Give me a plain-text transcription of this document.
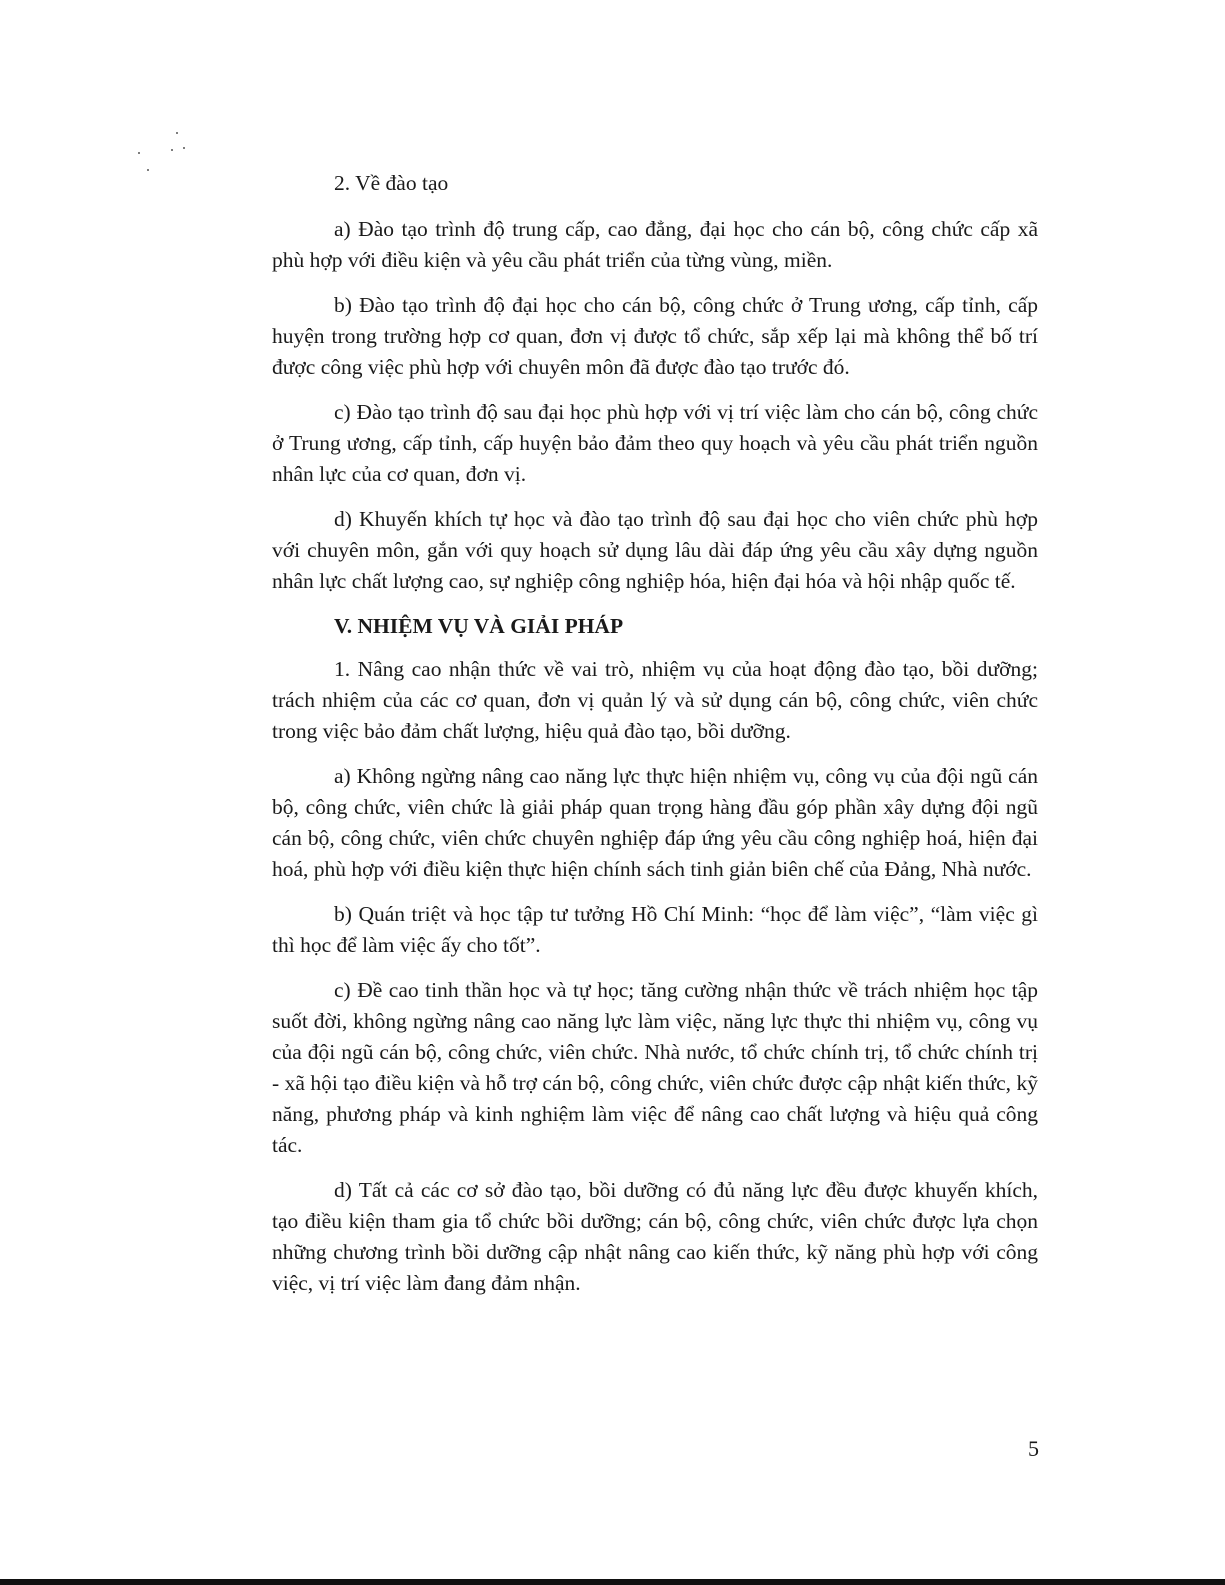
2. Về đào tạo

a) Đào tạo trình độ trung cấp, cao đẳng, đại học cho cán bộ, công chức cấp xã phù hợp với điều kiện và yêu cầu phát triển của từng vùng, miền.

b) Đào tạo trình độ đại học cho cán bộ, công chức ở Trung ương, cấp tỉnh, cấp huyện trong trường hợp cơ quan, đơn vị được tổ chức, sắp xếp lại mà không thể bố trí được công việc phù hợp với chuyên môn đã được đào tạo trước đó.

c) Đào tạo trình độ sau đại học phù hợp với vị trí việc làm cho cán bộ, công chức ở Trung ương, cấp tỉnh, cấp huyện bảo đảm theo quy hoạch và yêu cầu phát triển nguồn nhân lực của cơ quan, đơn vị.

d) Khuyến khích tự học và đào tạo trình độ sau đại học cho viên chức phù hợp với chuyên môn, gắn với quy hoạch sử dụng lâu dài đáp ứng yêu cầu xây dựng nguồn nhân lực chất lượng cao, sự nghiệp công nghiệp hóa, hiện đại hóa và hội nhập quốc tế.

V. NHIỆM VỤ VÀ GIẢI PHÁP

1. Nâng cao nhận thức về vai trò, nhiệm vụ của hoạt động đào tạo, bồi dưỡng; trách nhiệm của các cơ quan, đơn vị quản lý và sử dụng cán bộ, công chức, viên chức trong việc bảo đảm chất lượng, hiệu quả đào tạo, bồi dưỡng.

a) Không ngừng nâng cao năng lực thực hiện nhiệm vụ, công vụ của đội ngũ cán bộ, công chức, viên chức là giải pháp quan trọng hàng đầu góp phần xây dựng đội ngũ cán bộ, công chức, viên chức chuyên nghiệp đáp ứng yêu cầu công nghiệp hoá, hiện đại hoá, phù hợp với điều kiện thực hiện chính sách tinh giản biên chế của Đảng, Nhà nước.

b) Quán triệt và học tập tư tưởng Hồ Chí Minh: “học để làm việc”, “làm việc gì thì học để làm việc ấy cho tốt”.

c) Đề cao tinh thần học và tự học; tăng cường nhận thức về trách nhiệm học tập suốt đời, không ngừng nâng cao năng lực làm việc, năng lực thực thi nhiệm vụ, công vụ của đội ngũ cán bộ, công chức, viên chức. Nhà nước, tổ chức chính trị, tổ chức chính trị - xã hội tạo điều kiện và hỗ trợ cán bộ, công chức, viên chức được cập nhật kiến thức, kỹ năng, phương pháp và kinh nghiệm làm việc để nâng cao chất lượng và hiệu quả công tác.

d) Tất cả các cơ sở đào tạo, bồi dưỡng có đủ năng lực đều được khuyến khích, tạo điều kiện tham gia tổ chức bồi dưỡng; cán bộ, công chức, viên chức được lựa chọn những chương trình bồi dưỡng cập nhật nâng cao kiến thức, kỹ năng phù hợp với công việc, vị trí việc làm đang đảm nhận.

5
